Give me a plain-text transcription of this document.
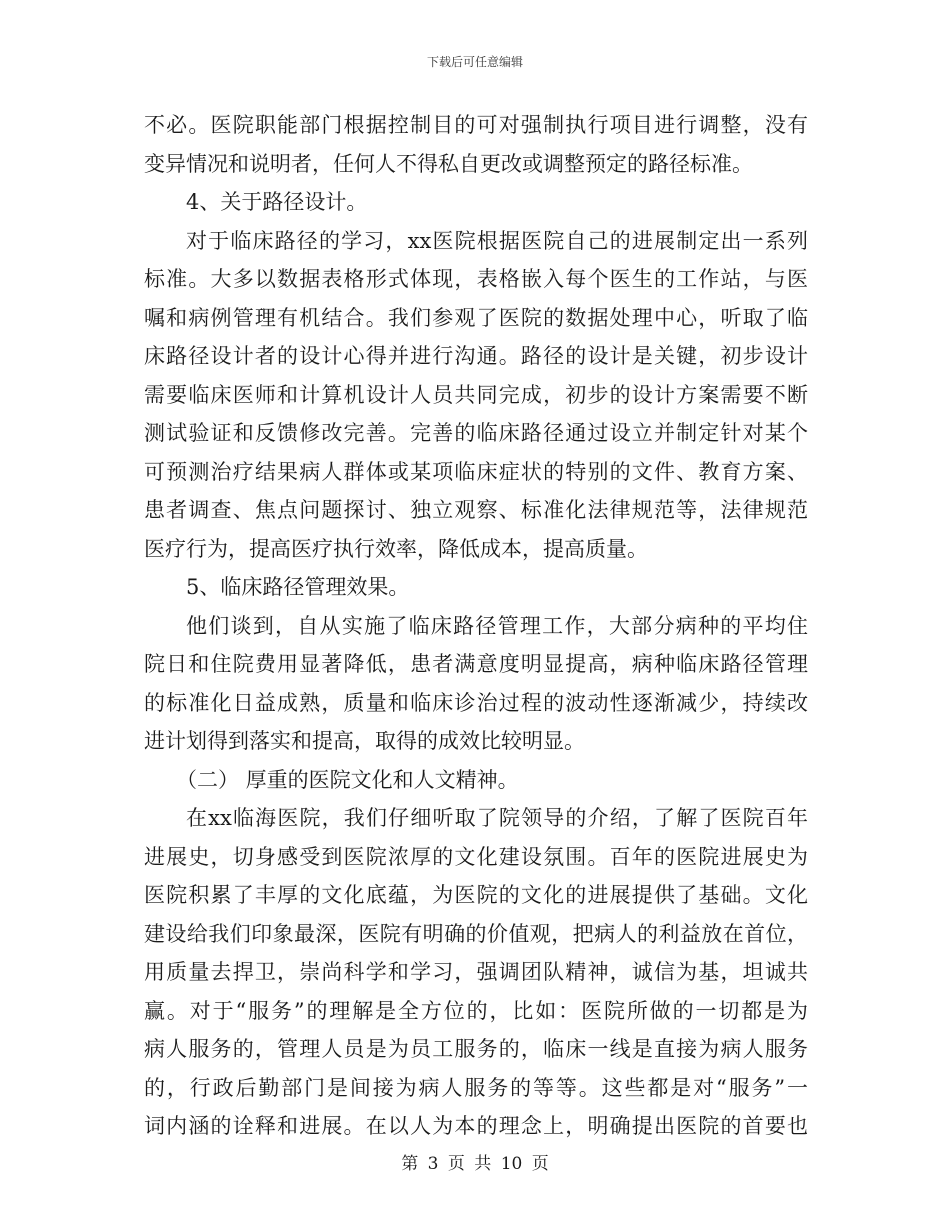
下载后可任意编辑
不必。医院职能部门根据控制目的可对强制执行项目进行调整，没有
变异情况和说明者，任何人不得私自更改或调整预定的路径标准。
4、关于路径设计。
对于临床路径的学习，xx医院根据医院自己的进展制定出一系列
标准。大多以数据表格形式体现，表格嵌入每个医生的工作站，与医
嘱和病例管理有机结合。我们参观了医院的数据处理中心，听取了临
床路径设计者的设计心得并进行沟通。路径的设计是关键，初步设计
需要临床医师和计算机设计人员共同完成，初步的设计方案需要不断
测试验证和反馈修改完善。完善的临床路径通过设立并制定针对某个
可预测治疗结果病人群体或某项临床症状的特别的文件、教育方案、
患者调查、焦点问题探讨、独立观察、标准化法律规范等，法律规范
医疗行为，提高医疗执行效率，降低成本，提高质量。
5、临床路径管理效果。
他们谈到，自从实施了临床路径管理工作，大部分病种的平均住
院日和住院费用显著降低，患者满意度明显提高，病种临床路径管理
的标准化日益成熟，质量和临床诊治过程的波动性逐渐减少，持续改
进计划得到落实和提高，取得的成效比较明显。
（二） 厚重的医院文化和人文精神。
在xx临海医院，我们仔细听取了院领导的介绍，了解了医院百年
进展史，切身感受到医院浓厚的文化建设氛围。百年的医院进展史为
医院积累了丰厚的文化底蕴，为医院的文化的进展提供了基础。文化
建设给我们印象最深，医院有明确的价值观，把病人的利益放在首位，
用质量去捍卫，崇尚科学和学习，强调团队精神，诚信为基，坦诚共
赢。对于“服务”的理解是全方位的，比如：医院所做的一切都是为
病人服务的，管理人员是为员工服务的，临床一线是直接为病人服务
的，行政后勤部门是间接为病人服务的等等。这些都是对“服务”一
词内涵的诠释和进展。在以人为本的理念上，明确提出医院的首要也
第 3 页 共 10 页
